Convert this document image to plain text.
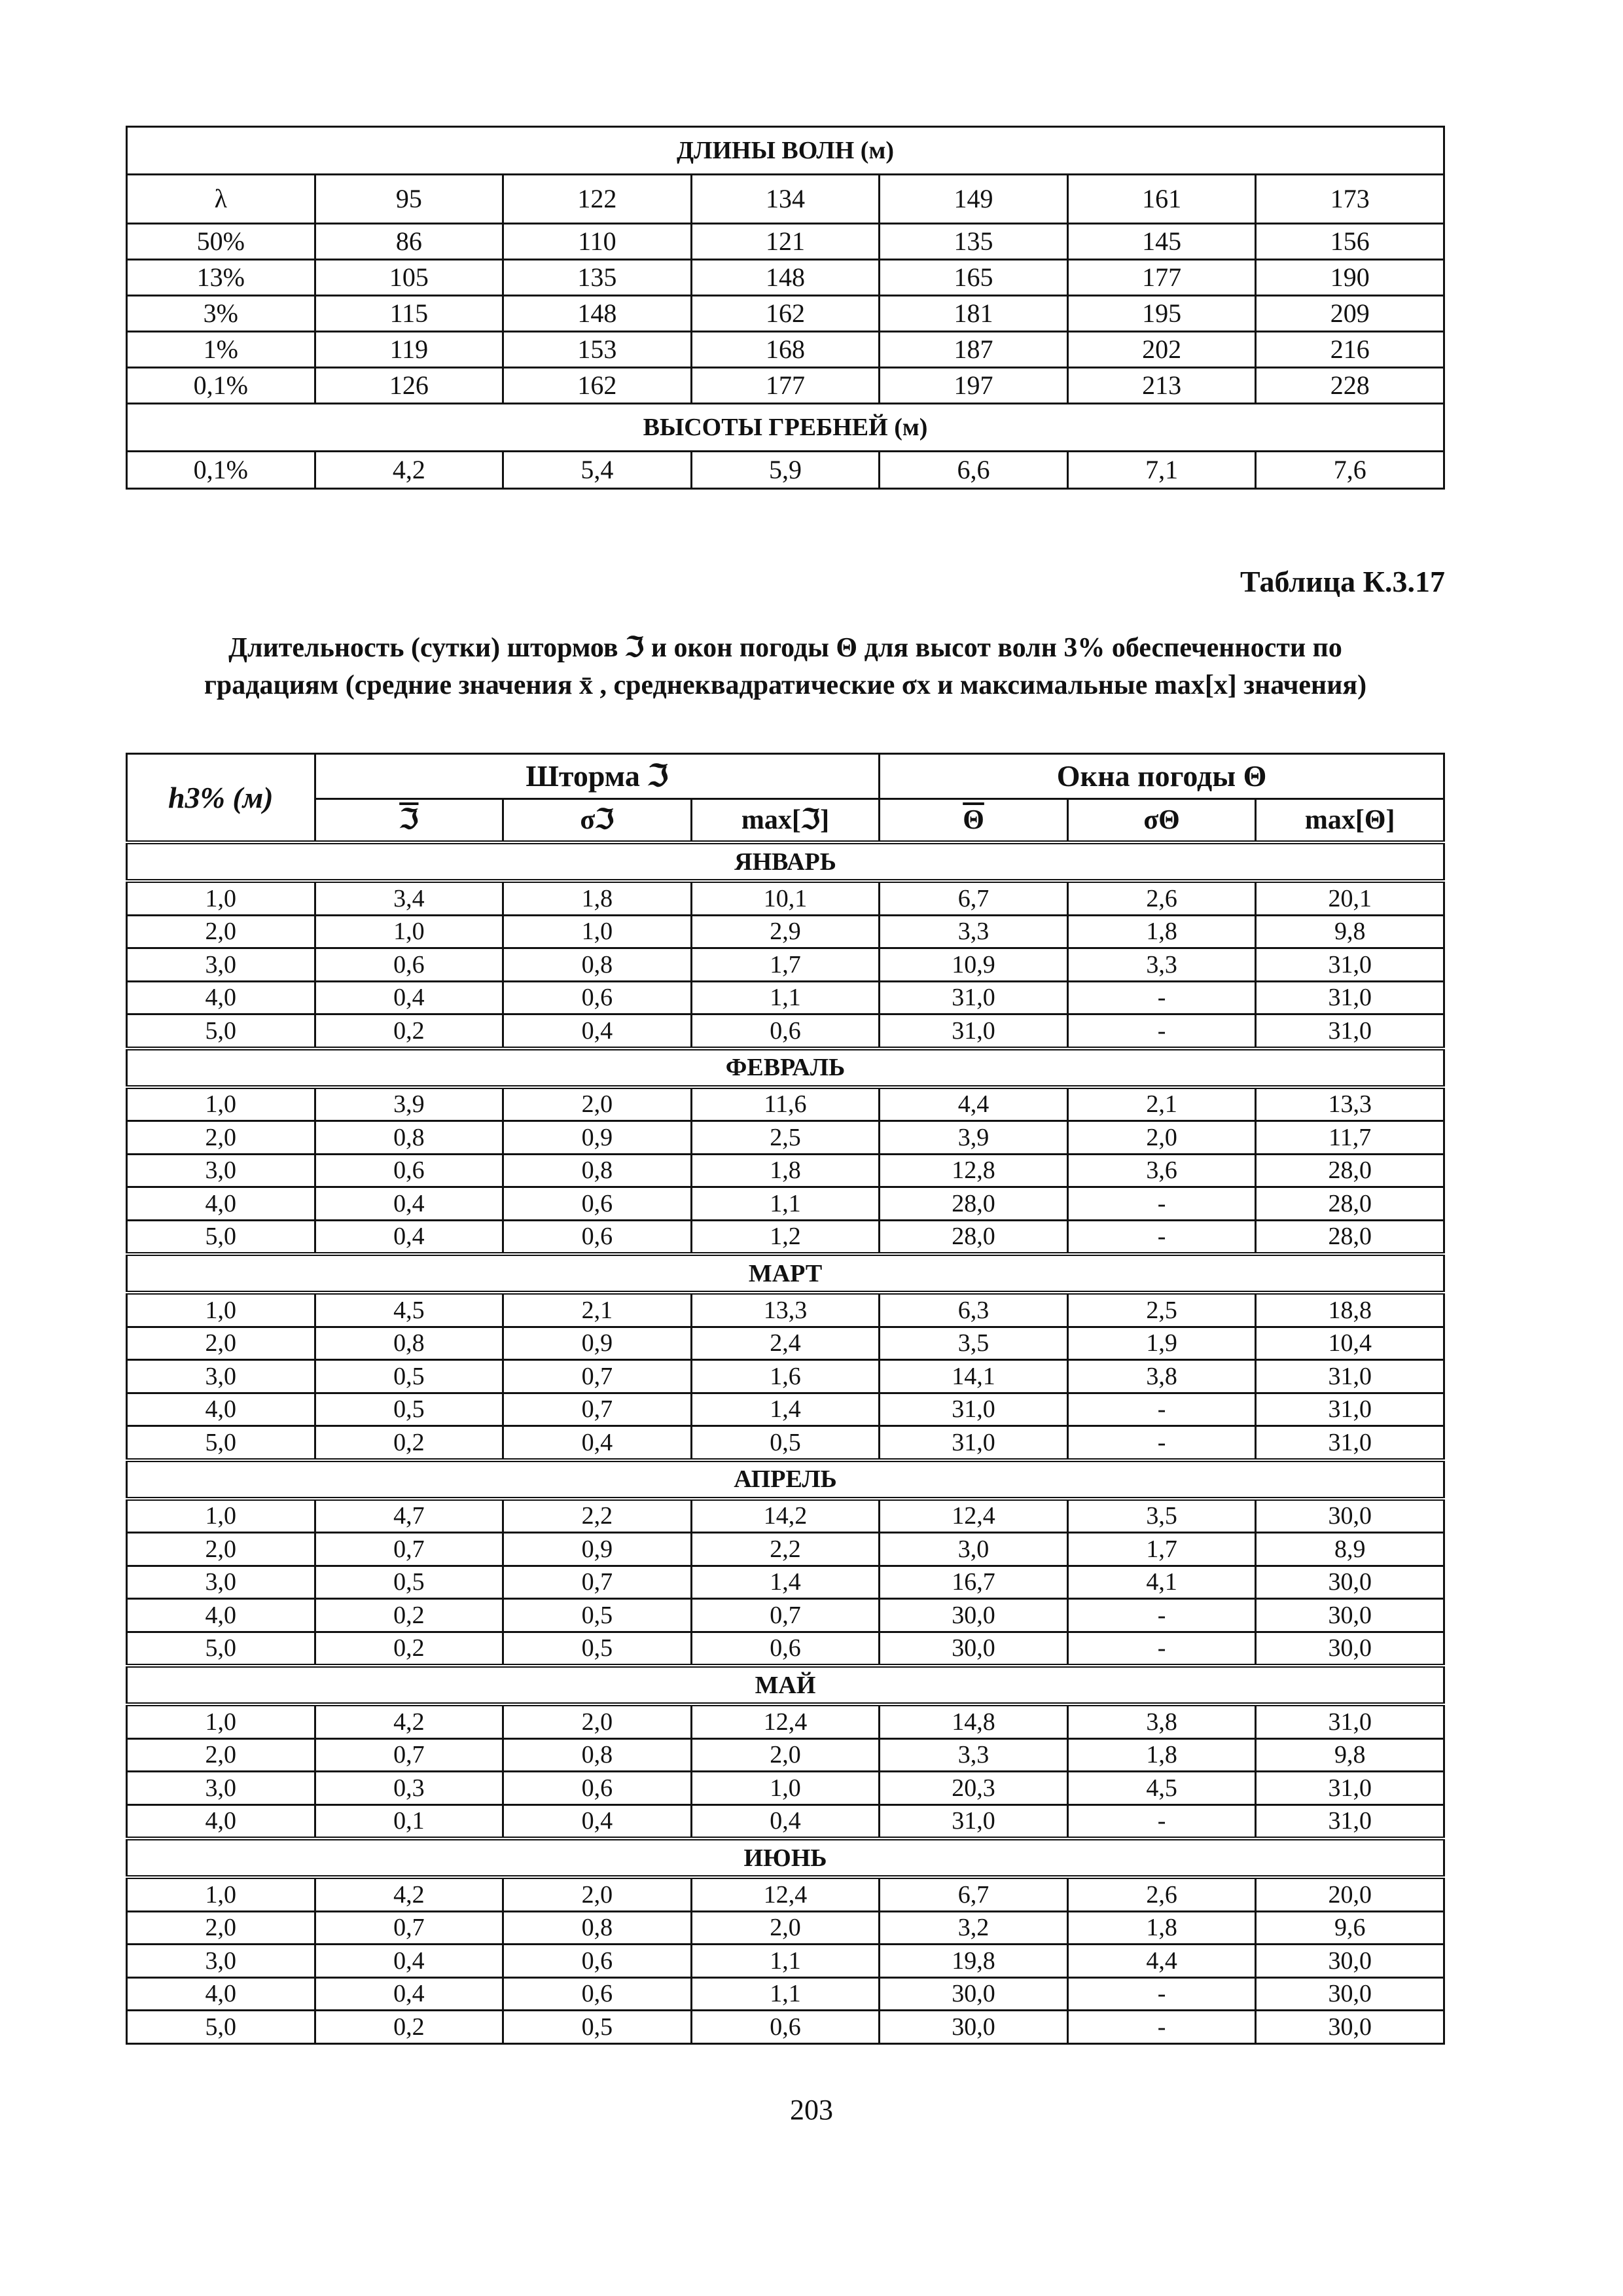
ДЛИНЫ ВОЛН (м)						
λ	95	122	134	149	161	173
50%	86	110	121	135	145	156
13%	105	135	148	165	177	190
3%	115	148	162	181	195	209
1%	119	153	168	187	202	216
0,1%	126	162	177	197	213	228
ВЫСОТЫ ГРЕБНЕЙ (м)						
0,1%	4,2	5,4	5,9	6,6	7,1	7,6
Таблица К.3.17
Длительность (сутки) штормов ℑ и окон погоды Θ для высот волн 3% обеспеченности по
градациям (средние значения x̄ , среднеквадратические σx и максимальные max[x] значения)
h3% (м)	Шторма ℑ			Окна погоды Θ		
	ℑ	σℑ	max[ℑ]	$\overline{\Theta}$	σΘ	max[Θ]
ЯНВАРЬ						
1,0	3,4	1,8	10,1	6,7	2,6	20,1
2,0	1,0	1,0	2,9	3,3	1,8	9,8
3,0	0,6	0,8	1,7	10,9	3,3	31,0
4,0	0,4	0,6	1,1	31,0	-	31,0
5,0	0,2	0,4	0,6	31,0	-	31,0
ФЕВРАЛЬ						
1,0	3,9	2,0	11,6	4,4	2,1	13,3
2,0	0,8	0,9	2,5	3,9	2,0	11,7
3,0	0,6	0,8	1,8	12,8	3,6	28,0
4,0	0,4	0,6	1,1	28,0	-	28,0
5,0	0,4	0,6	1,2	28,0	-	28,0
МАРТ						
1,0	4,5	2,1	13,3	6,3	2,5	18,8
2,0	0,8	0,9	2,4	3,5	1,9	10,4
3,0	0,5	0,7	1,6	14,1	3,8	31,0
4,0	0,5	0,7	1,4	31,0	-	31,0
5,0	0,2	0,4	0,5	31,0	-	31,0
АПРЕЛЬ						
1,0	4,7	2,2	14,2	12,4	3,5	30,0
2,0	0,7	0,9	2,2	3,0	1,7	8,9
3,0	0,5	0,7	1,4	16,7	4,1	30,0
4,0	0,2	0,5	0,7	30,0	-	30,0
5,0	0,2	0,5	0,6	30,0	-	30,0
МАЙ						
1,0	4,2	2,0	12,4	14,8	3,8	31,0
2,0	0,7	0,8	2,0	3,3	1,8	9,8
3,0	0,3	0,6	1,0	20,3	4,5	31,0
4,0	0,1	0,4	0,4	31,0	-	31,0
ИЮНЬ						
1,0	4,2	2,0	12,4	6,7	2,6	20,0
2,0	0,7	0,8	2,0	3,2	1,8	9,6
3,0	0,4	0,6	1,1	19,8	4,4	30,0
4,0	0,4	0,6	1,1	30,0	-	30,0
5,0	0,2	0,5	0,6	30,0	-	30,0
203
